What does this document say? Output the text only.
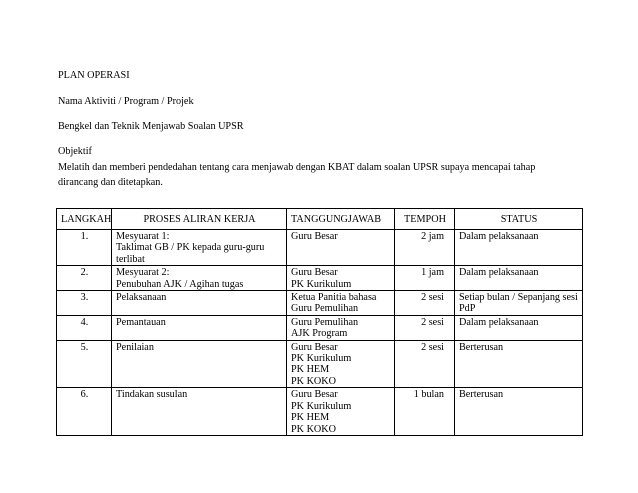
PLAN OPERASI

Nama Aktiviti / Program / Projek

Bengkel dan Teknik Menjawab Soalan UPSR

Objektif

Melatih dan memberi pendedahan tentang cara menjawab dengan KBAT dalam soalan UPSR supaya mencapai tahap dirancang dan ditetapkan.

LANGKAH	PROSES ALIRAN KERJA	TANGGUNGJAWAB	TEMPOH	STATUS
1.	Mesyuarat 1:
Taklimat GB / PK kepada guru-guru
terlibat	Guru Besar	2 jam	Dalam pelaksanaan
2.	Mesyuarat 2:
Penubuhan AJK / Agihan tugas	Guru Besar
PK Kurikulum	1 jam	Dalam pelaksanaan
3.	Pelaksanaan	Ketua Panitia bahasa
Guru Pemulihan	2 sesi	Setiap bulan / Sepanjang sesi PdP
4.	Pemantauan	Guru Pemulihan
AJK Program	2 sesi	Dalam pelaksanaan
5.	Penilaian	Guru Besar
PK Kurikulum
PK HEM
PK KOKO	2 sesi	Berterusan
6.	Tindakan susulan	Guru Besar
PK Kurikulum
PK HEM
PK KOKO	1 bulan	Berterusan
